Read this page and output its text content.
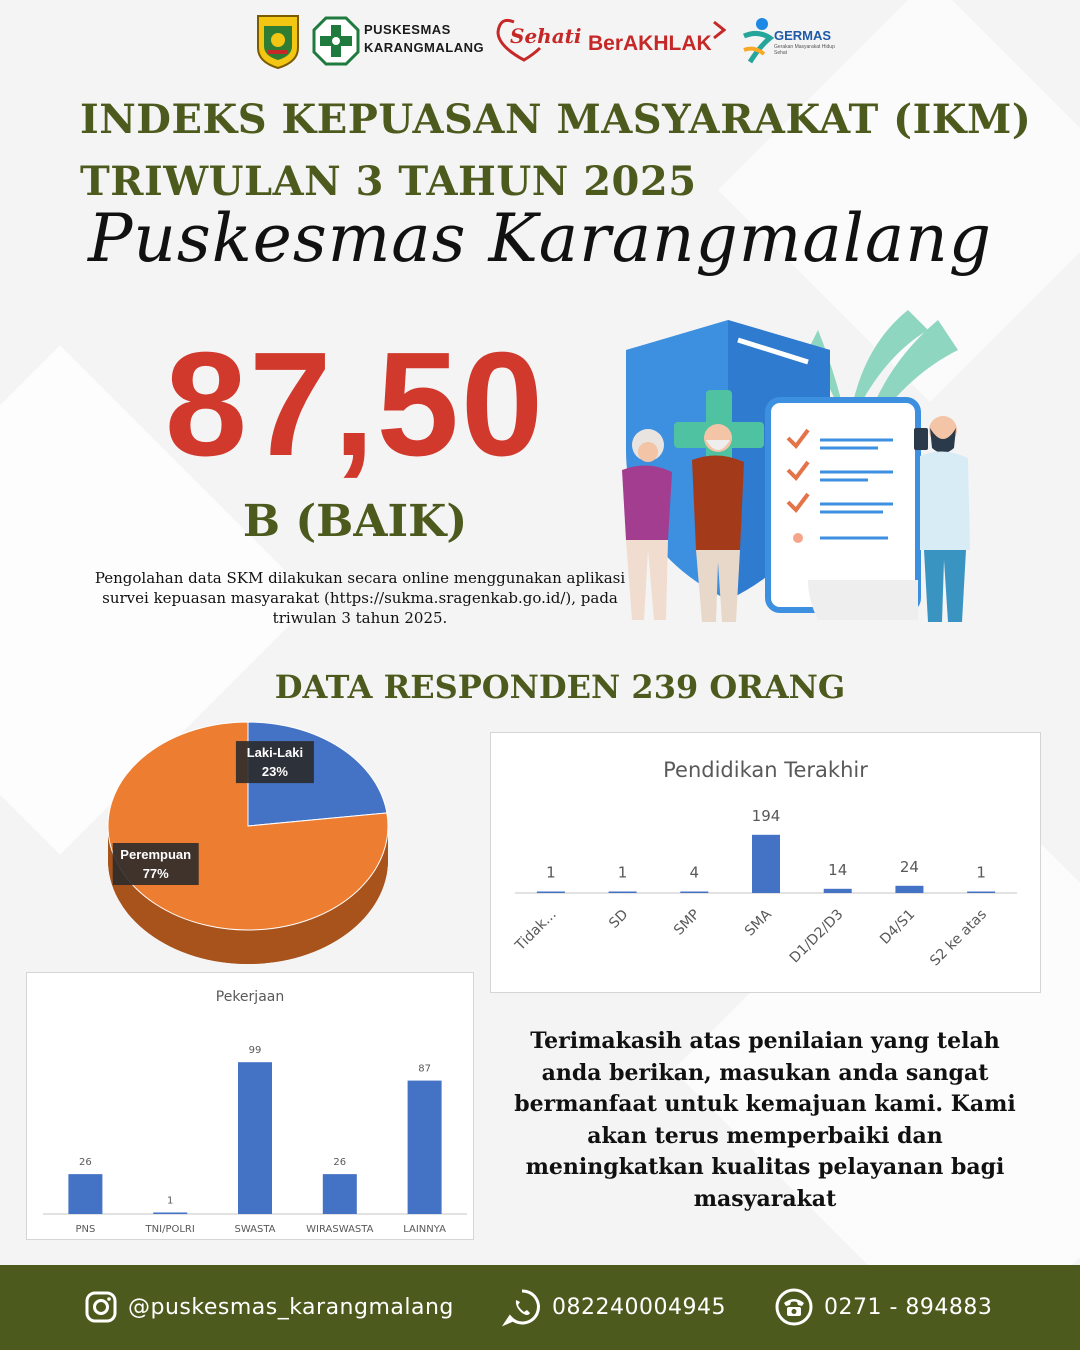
PUSKESMAS
KARANGMALANG Sehati BerAKHLAK	GERMAS
Gerakan Masyarakat Hidup Sehat
INDEKS KEPUASAN MASYARAKAT (IKM)
TRIWULAN 3 TAHUN 2025
Puskesmas Karangmalang
87,50
B (BAIK)
Pengolahan data SKM dilakukan secara online menggunakan aplikasi survei kepuasan masyarakat (https://sukma.sragenkab.go.id/), pada triwulan 3 tahun 2025.
DATA RESPONDEN 239 ORANG
Laki-Laki
23%
Perempuan
77%
Pendidikan Terakhir
1
Tidak...
1
SD
4
SMP
194
SMA
14
D1/D2/D3
24
D4/S1
1
S2 ke atas
Pekerjaan
26
PNS
1
TNI/POLRI
99
SWASTA
26
WIRASWASTA
87
LAINNYA
Terimakasih atas penilaian yang telah anda berikan, masukan anda sangat bermanfaat untuk kemajuan kami. Kami akan terus memperbaiki dan meningkatkan kualitas pelayanan bagi masyarakat
@puskesmas_karangmalang	082240004945	0271 - 894883
